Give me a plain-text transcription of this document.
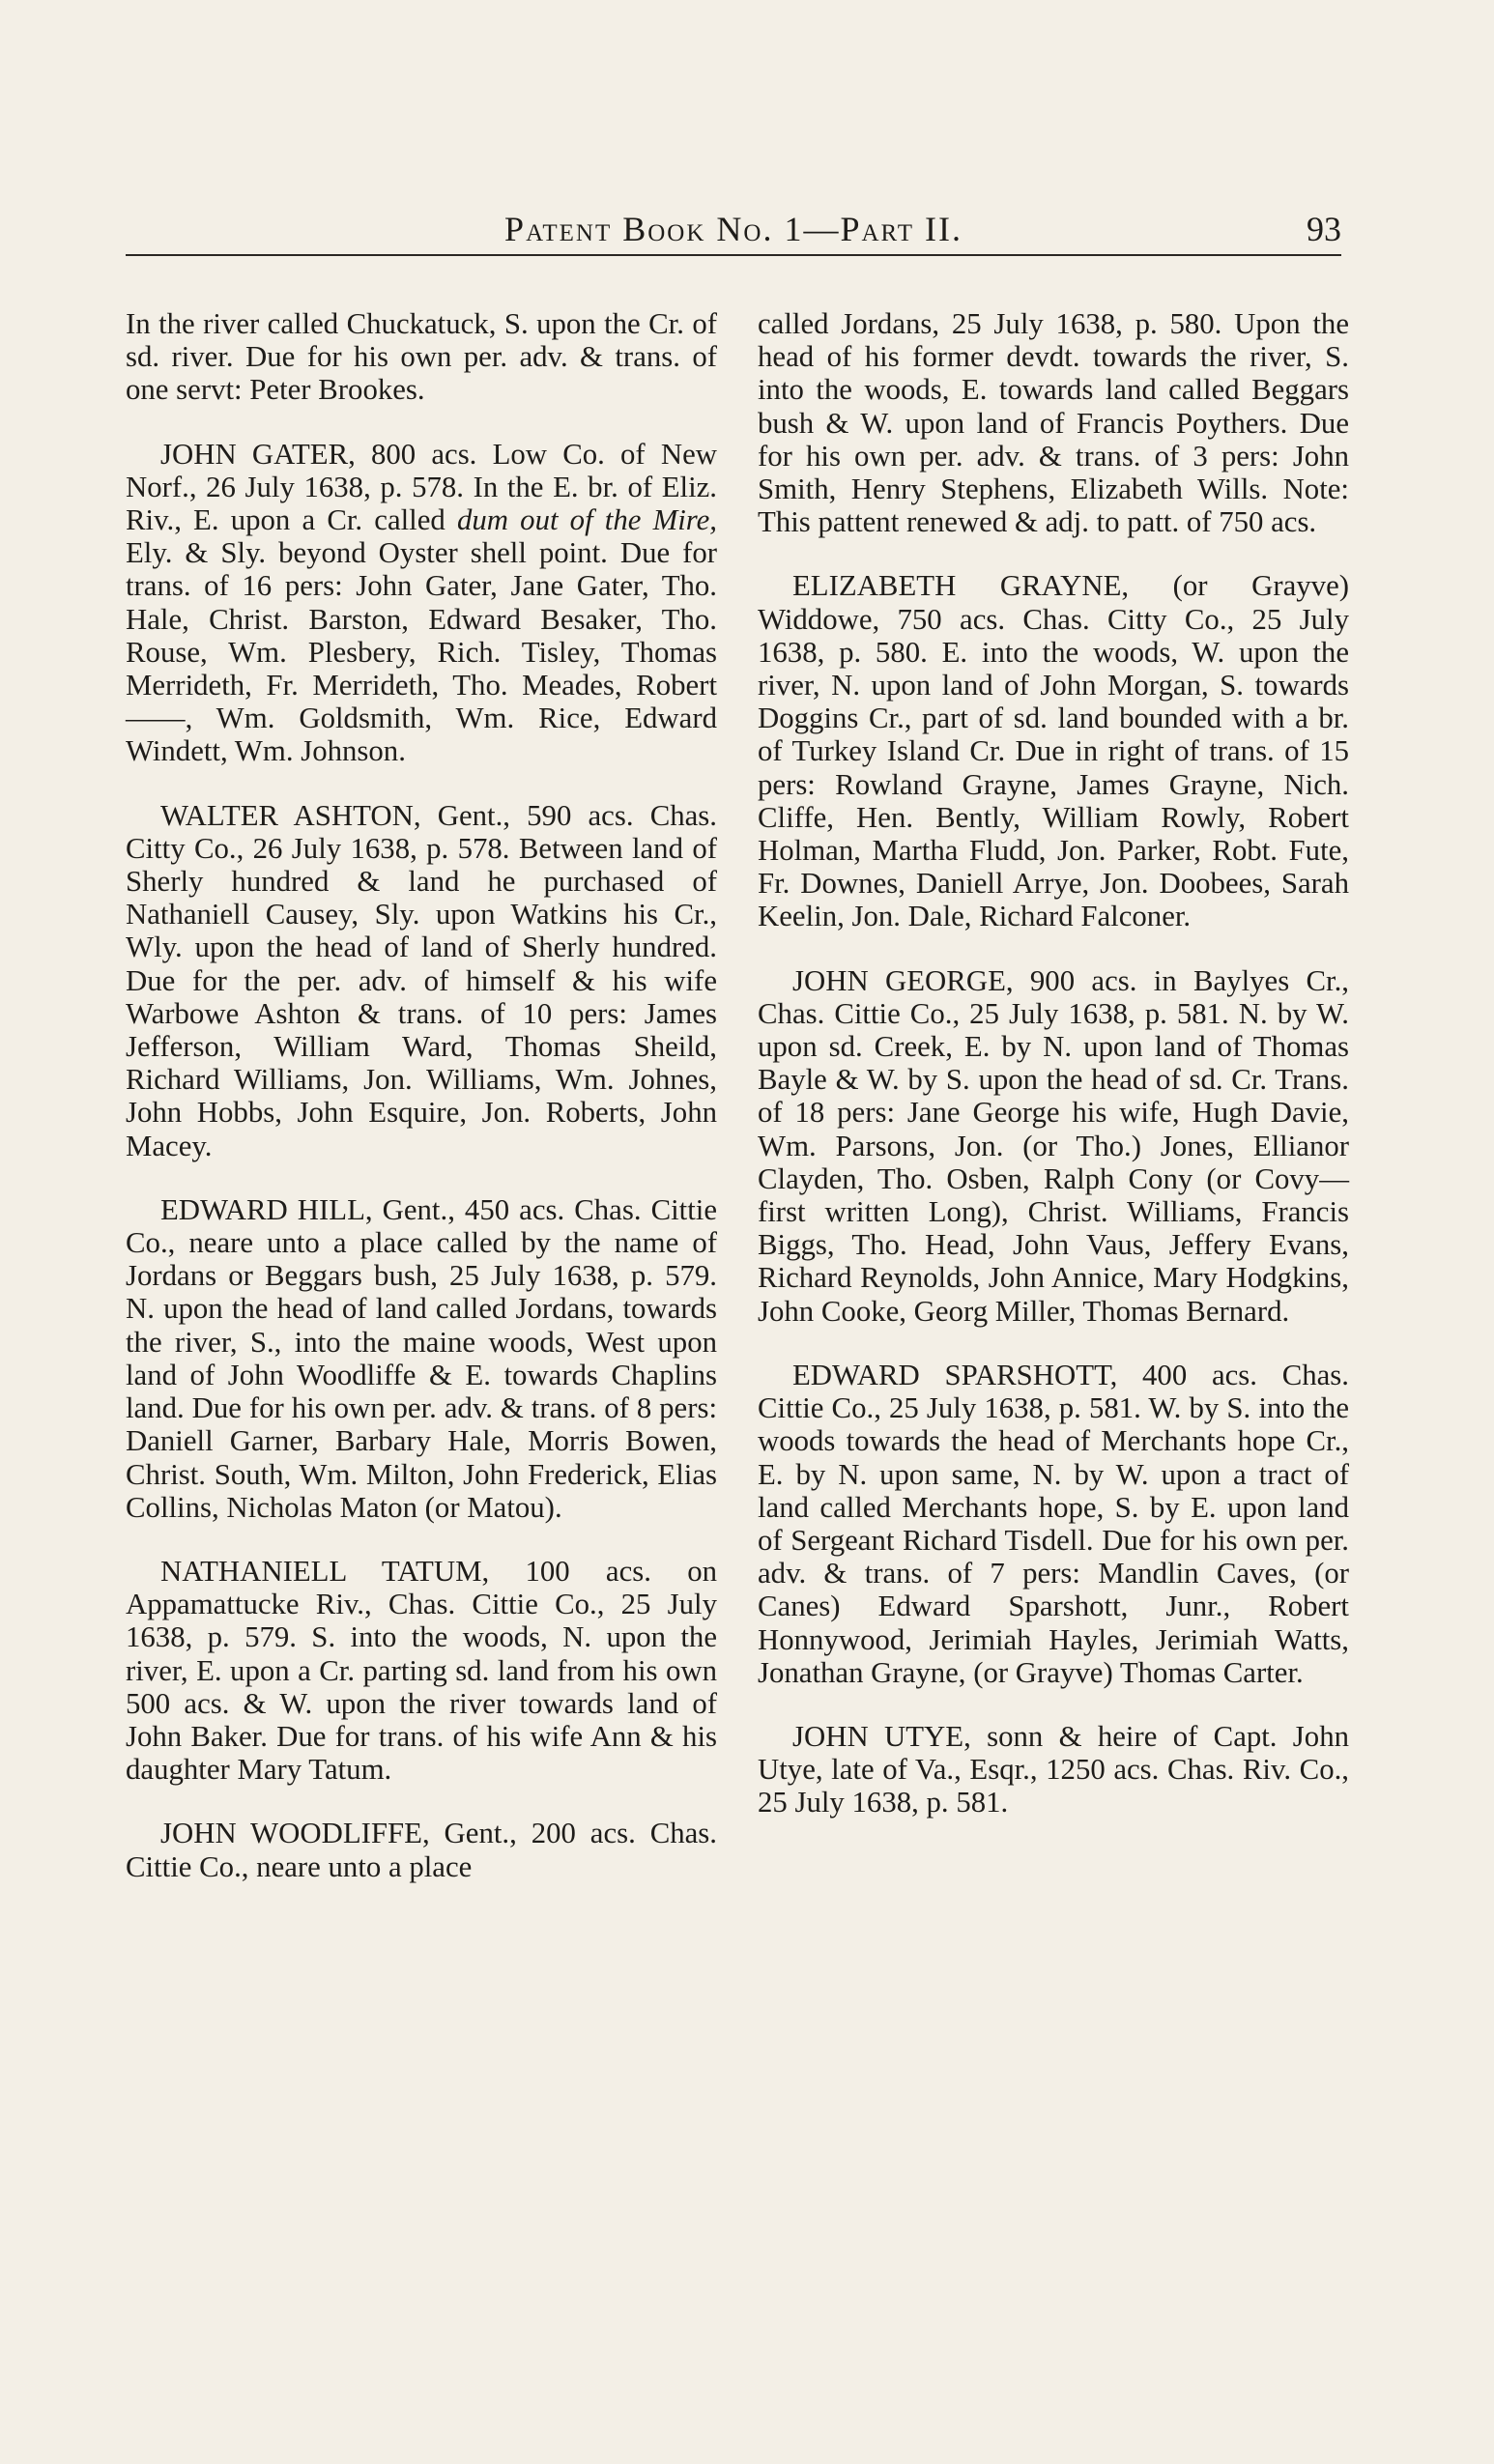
Patent Book No. 1—Part II.	93

In the river called Chuckatuck, S. upon the Cr. of sd. river. Due for his own per. adv. & trans. of one servt: Peter Brookes.

JOHN GATER, 800 acs. Low Co. of New Norf., 26 July 1638, p. 578. In the E. br. of Eliz. Riv., E. upon a Cr. called dum out of the Mire, Ely. & Sly. beyond Oyster shell point. Due for trans. of 16 pers: John Gater, Jane Gater, Tho. Hale, Christ. Barston, Edward Besaker, Tho. Rouse, Wm. Plesbery, Rich. Tisley, Thomas Merrideth, Fr. Merrideth, Tho. Meades, Robert ——, Wm. Goldsmith, Wm. Rice, Edward Windett, Wm. Johnson.

WALTER ASHTON, Gent., 590 acs. Chas. Citty Co., 26 July 1638, p. 578. Between land of Sherly hundred & land he purchased of Nathaniell Causey, Sly. upon Watkins his Cr., Wly. upon the head of land of Sherly hundred. Due for the per. adv. of himself & his wife Warbowe Ashton & trans. of 10 pers: James Jefferson, William Ward, Thomas Sheild, Richard Williams, Jon. Williams, Wm. Johnes, John Hobbs, John Esquire, Jon. Roberts, John Macey.

EDWARD HILL, Gent., 450 acs. Chas. Cittie Co., neare unto a place called by the name of Jordans or Beggars bush, 25 July 1638, p. 579. N. upon the head of land called Jordans, towards the river, S., into the maine woods, West upon land of John Woodliffe & E. towards Chaplins land. Due for his own per. adv. & trans. of 8 pers: Daniell Garner, Barbary Hale, Morris Bowen, Christ. South, Wm. Milton, John Frederick, Elias Collins, Nicholas Maton (or Matou).

NATHANIELL TATUM, 100 acs. on Appamattucke Riv., Chas. Cittie Co., 25 July 1638, p. 579. S. into the woods, N. upon the river, E. upon a Cr. parting sd. land from his own 500 acs. & W. upon the river towards land of John Baker. Due for trans. of his wife Ann & his daughter Mary Tatum.

JOHN WOODLIFFE, Gent., 200 acs. Chas. Cittie Co., neare unto a place

called Jordans, 25 July 1638, p. 580. Upon the head of his former devdt. towards the river, S. into the woods, E. towards land called Beggars bush & W. upon land of Francis Poythers. Due for his own per. adv. & trans. of 3 pers: John Smith, Henry Stephens, Elizabeth Wills. Note: This pattent renewed & adj. to patt. of 750 acs.

ELIZABETH GRAYNE, (or Grayve) Widdowe, 750 acs. Chas. Citty Co., 25 July 1638, p. 580. E. into the woods, W. upon the river, N. upon land of John Morgan, S. towards Doggins Cr., part of sd. land bounded with a br. of Turkey Island Cr. Due in right of trans. of 15 pers: Rowland Grayne, James Grayne, Nich. Cliffe, Hen. Bently, William Rowly, Robert Holman, Martha Fludd, Jon. Parker, Robt. Fute, Fr. Downes, Daniell Arrye, Jon. Doobees, Sarah Keelin, Jon. Dale, Richard Falconer.

JOHN GEORGE, 900 acs. in Baylyes Cr., Chas. Cittie Co., 25 July 1638, p. 581. N. by W. upon sd. Creek, E. by N. upon land of Thomas Bayle & W. by S. upon the head of sd. Cr. Trans. of 18 pers: Jane George his wife, Hugh Davie, Wm. Parsons, Jon. (or Tho.) Jones, Ellianor Clayden, Tho. Osben, Ralph Cony (or Covy—first written Long), Christ. Williams, Francis Biggs, Tho. Head, John Vaus, Jeffery Evans, Richard Reynolds, John Annice, Mary Hodgkins, John Cooke, Georg Miller, Thomas Bernard.

EDWARD SPARSHOTT, 400 acs. Chas. Cittie Co., 25 July 1638, p. 581. W. by S. into the woods towards the head of Merchants hope Cr., E. by N. upon same, N. by W. upon a tract of land called Merchants hope, S. by E. upon land of Sergeant Richard Tisdell. Due for his own per. adv. & trans. of 7 pers: Mandlin Caves, (or Canes) Edward Sparshott, Junr., Robert Honnywood, Jerimiah Hayles, Jerimiah Watts, Jonathan Grayne, (or Grayve) Thomas Carter.

JOHN UTYE, sonn & heire of Capt. John Utye, late of Va., Esqr., 1250 acs. Chas. Riv. Co., 25 July 1638, p. 581.
